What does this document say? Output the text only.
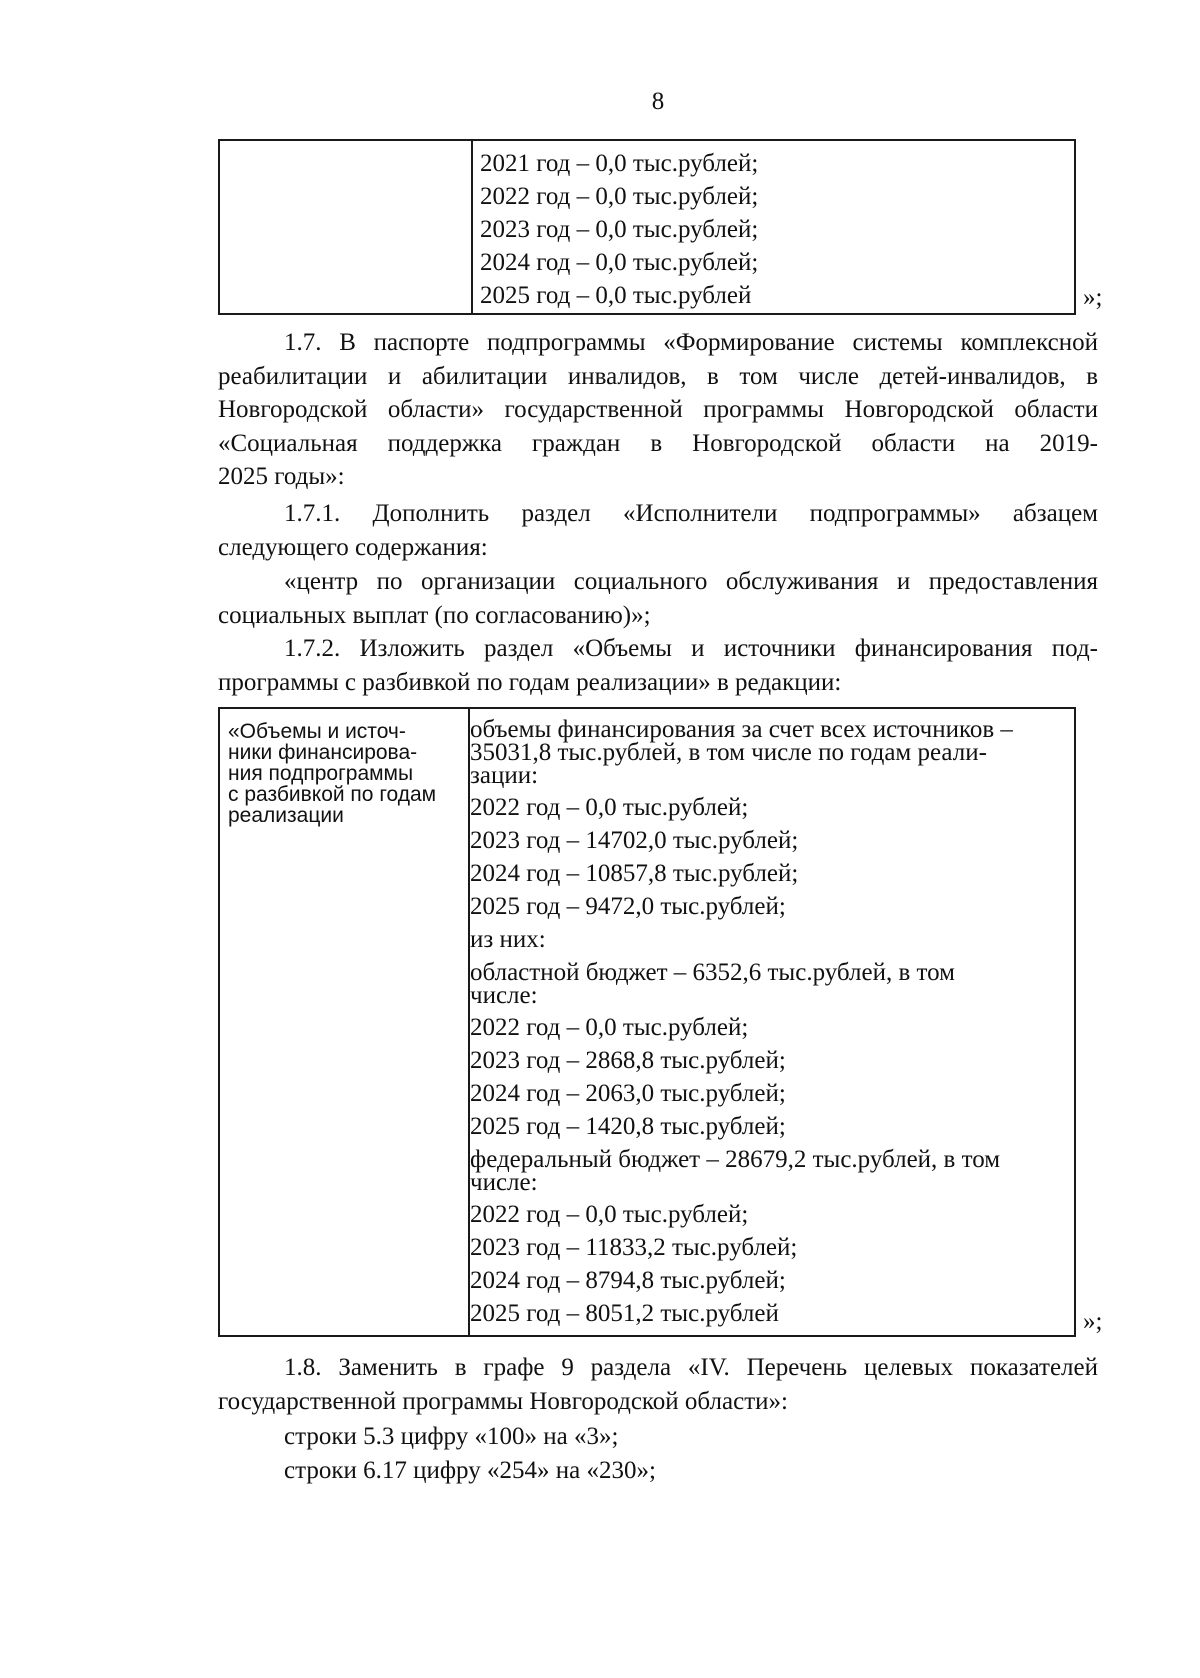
8
2021 год – 0,0 тыс.рублей;
2022 год – 0,0 тыс.рублей;
2023 год – 0,0 тыс.рублей;
2024 год – 0,0 тыс.рублей;
2025 год – 0,0 тыс.рублей	»;
1.7. В паспорте подпрограммы «Формирование системы комплексной
реабилитации и абилитации инвалидов, в том числе детей-инвалидов, в
Новгородской области» государственной программы Новгородской области
«Социальная поддержка граждан в Новгородской области на 2019-
2025 годы»:
1.7.1. Дополнить раздел «Исполнители подпрограммы» абзацем
следующего содержания:
«центр по организации социального обслуживания и предоставления
социальных выплат (по согласованию)»;
1.7.2. Изложить раздел «Объемы и источники финансирования под-
программы с разбивкой по годам реализации» в редакции:
«Объемы и источ-
ники финансирова-
ния подпрограммы
с разбивкой по годам
реализации
объемы финансирования за счет всех источников –
35031,8 тыс.рублей, в том числе по годам реали-
зации:
2022 год – 0,0 тыс.рублей;
2023 год – 14702,0 тыс.рублей;
2024 год – 10857,8 тыс.рублей;
2025 год – 9472,0 тыс.рублей;
из них:
областной бюджет – 6352,6 тыс.рублей, в том
числе:
2022 год – 0,0 тыс.рублей;
2023 год – 2868,8 тыс.рублей;
2024 год – 2063,0 тыс.рублей;
2025 год – 1420,8 тыс.рублей;
федеральный бюджет – 28679,2 тыс.рублей, в том
числе:
2022 год – 0,0 тыс.рублей;
2023 год – 11833,2 тыс.рублей;
2024 год – 8794,8 тыс.рублей;
2025 год – 8051,2 тыс.рублей	»;
1.8. Заменить в графе 9 раздела «IV. Перечень целевых показателей
государственной программы Новгородской области»:
строки 5.3 цифру «100» на «3»;
строки 6.17 цифру «254» на «230»;
